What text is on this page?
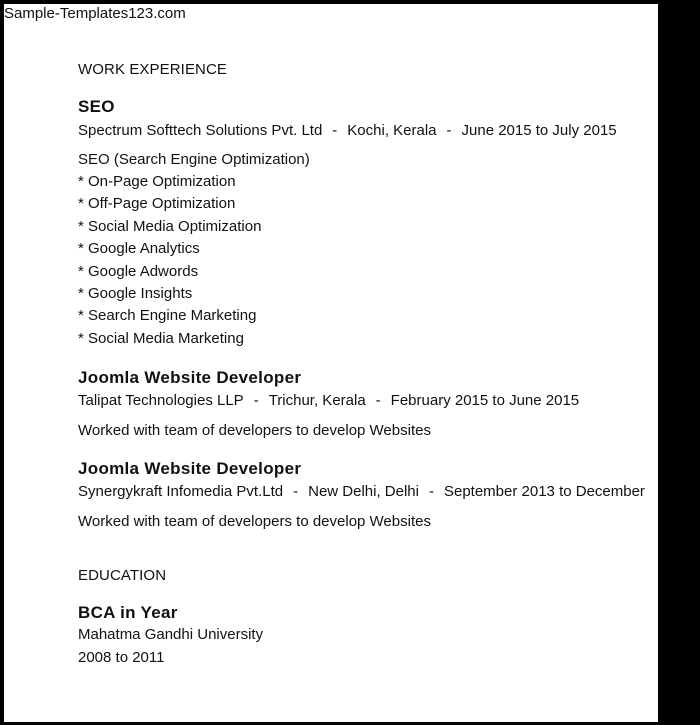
Sample-Templates123.com
WORK EXPERIENCE
SEO
Spectrum Softtech Solutions Pvt. Ltd - Kochi, Kerala - June 2015 to July 2015
SEO (Search Engine Optimization)
* On-Page Optimization
* Off-Page Optimization
* Social Media Optimization
* Google Analytics
* Google Adwords
* Google Insights
* Search Engine Marketing
* Social Media Marketing
Joomla Website Developer
Talipat Technologies LLP - Trichur, Kerala - February 2015 to June 2015
Worked with team of developers to develop Websites
Joomla Website Developer
Synergykraft Infomedia Pvt.Ltd - New Delhi, Delhi - September 2013 to December
Worked with team of developers to develop Websites
EDUCATION
BCA in Year
Mahatma Gandhi University
2008 to 2011
